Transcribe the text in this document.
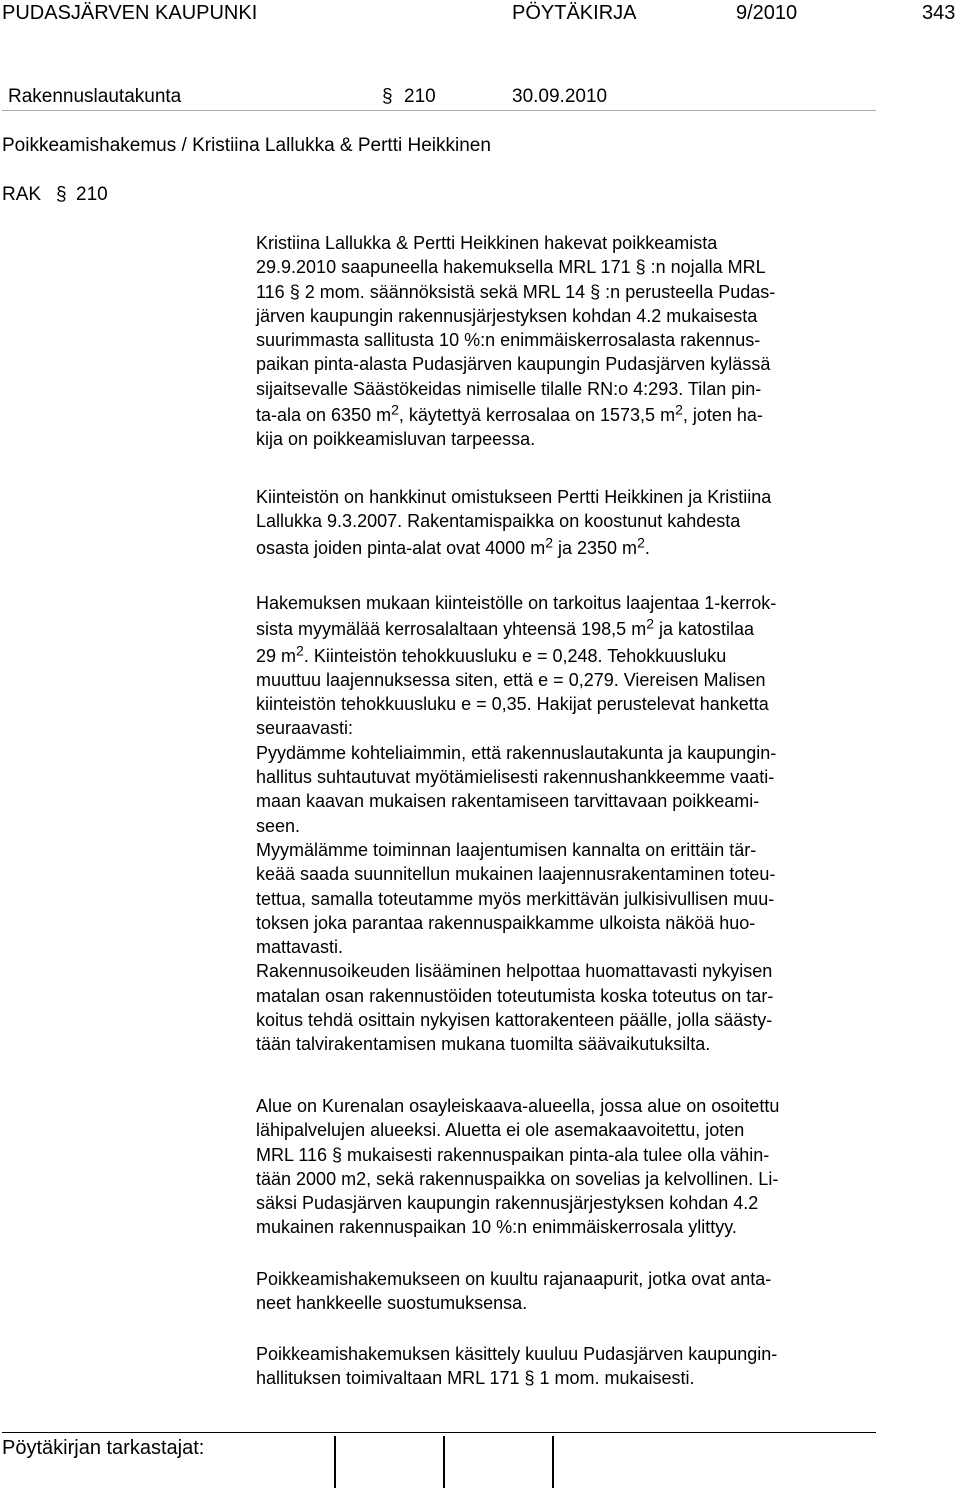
PUDASJÄRVEN KAUPUNKI	PÖYTÄKIRJA	9/2010	343
Rakennuslautakunta	§ 210	30.09.2010
Poikkeamishakemus / Kristiina Lallukka & Pertti Heikkinen
RAK § 210

Kristiina Lallukka & Pertti Heikkinen hakevat poikkeamista

29.9.2010 saapuneella hakemuksella MRL 171 § :n nojalla MRL

116 § 2 mom. säännöksistä sekä MRL 14 § :n perusteella Pudas-

järven kaupungin rakennusjärjestyksen kohdan 4.2 mukaisesta

suurimmasta sallitusta 10 %:n enimmäiskerrosalasta rakennus-

paikan pinta-alasta Pudasjärven kaupungin Pudasjärven kylässä

sijaitsevalle Säästökeidas nimiselle tilalle RN:o 4:293. Tilan pin-

ta-ala on 6350 $m^2$, käytettyä kerrosalaa on 1573,5 $m^2$, joten ha-

kija on poikkeamisluvan tarpeessa.

Kiinteistön on hankkinut omistukseen Pertti Heikkinen ja Kristiina

Lallukka 9.3.2007. Rakentamispaikka on koostunut kahdesta

osasta joiden pinta-alat ovat 4000 $m^2$ ja 2350 $m^2$.

Hakemuksen mukaan kiinteistölle on tarkoitus laajentaa 1-kerrok-

sista myymälää kerrosalaltaan yhteensä 198,5 $m^2$ ja katostilaa

29 $m^2$. Kiinteistön tehokkuusluku e = 0,248. Tehokkuusluku

muuttuu laajennuksessa siten, että e = 0,279. Viereisen Malisen

kiinteistön tehokkuusluku e = 0,35. Hakijat perustelevat hanketta

seuraavasti:

Pyydämme kohteliaimmin, että rakennuslautakunta ja kaupungin-

hallitus suhtautuvat myötämielisesti rakennushankkeemme vaati-

maan kaavan mukaisen rakentamiseen tarvittavaan poikkeami-

seen.

Myymälämme toiminnan laajentumisen kannalta on erittäin tär-

keää saada suunnitellun mukainen laajennusrakentaminen toteu-

tettua, samalla toteutamme myös merkittävän julkisivullisen muu-

toksen joka parantaa rakennuspaikkamme ulkoista näköä huo-

mattavasti.

Rakennusoikeuden lisääminen helpottaa huomattavasti nykyisen

matalan osan rakennustöiden toteutumista koska toteutus on tar-

koitus tehdä osittain nykyisen kattorakenteen päälle, jolla säästy-

tään talvirakentamisen mukana tuomilta säävaikutuksilta.

Alue on Kurenalan osayleiskaava-alueella, jossa alue on osoitettu

lähipalvelujen alueeksi. Aluetta ei ole asemakaavoitettu, joten

MRL 116 § mukaisesti rakennuspaikan pinta-ala tulee olla vähin-

tään 2000 m2, sekä rakennuspaikka on sovelias ja kelvollinen. Li-

säksi Pudasjärven kaupungin rakennusjärjestyksen kohdan 4.2

mukainen rakennuspaikan 10 %:n enimmäiskerrosala ylittyy.

Poikkeamishakemukseen on kuultu rajanaapurit, jotka ovat anta-

neet hankkeelle suostumuksensa.

Poikkeamishakemuksen käsittely kuuluu Pudasjärven kaupungin-

hallituksen toimivaltaan MRL 171 § 1 mom. mukaisesti.

Pöytäkirjan tarkastajat:
